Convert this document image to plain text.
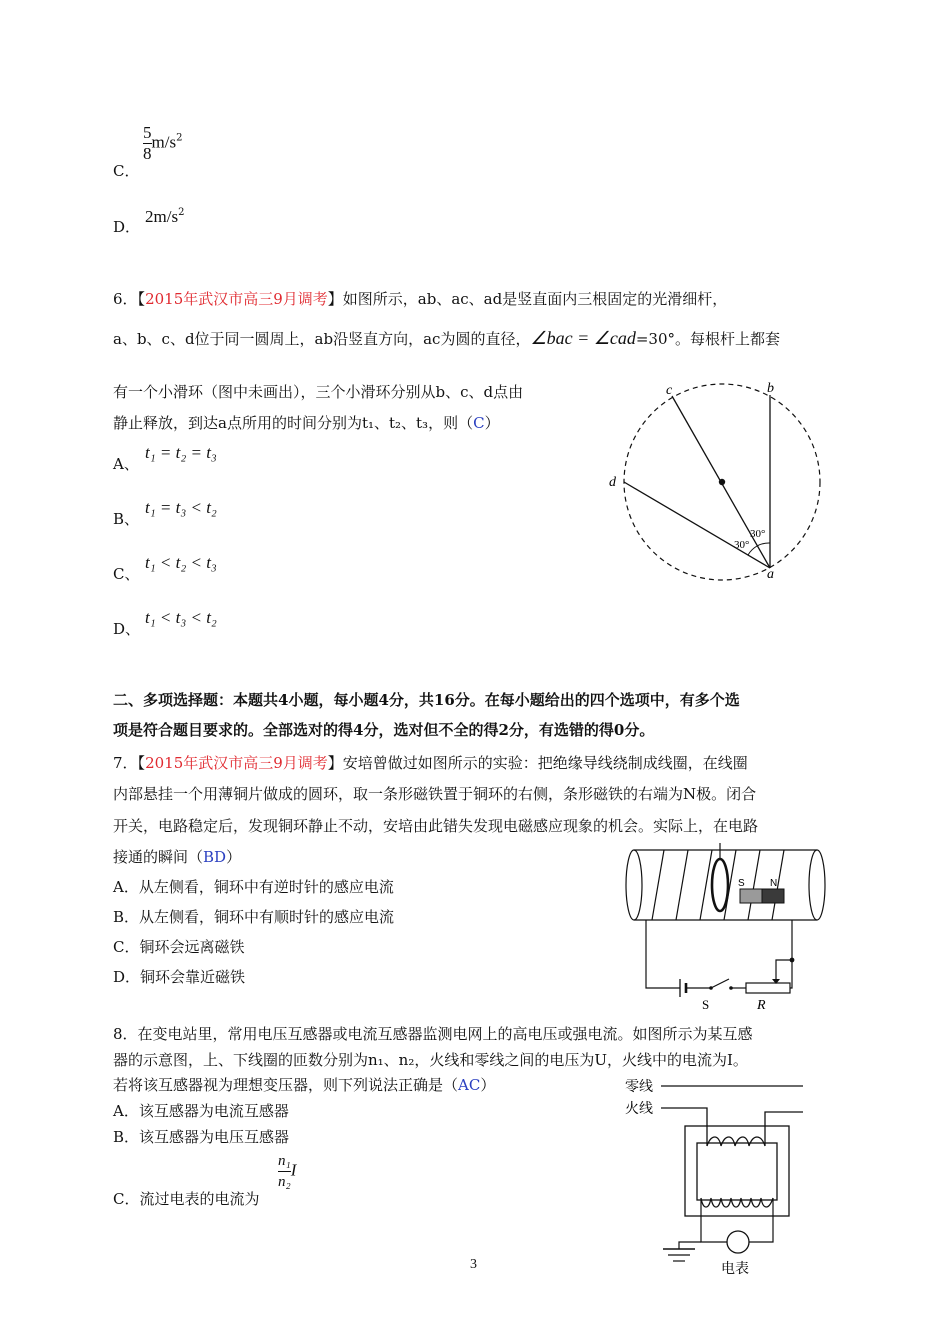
C．
$\frac{5}{8}m/s^2$
D．
$2m/s^2$
6．【2015年武汉市高三9月调考】如图所示，ab、ac、ad是竖直面内三根固定的光滑细杆，
a、b、c、d位于同一圆周上，ab沿竖直方向，ac为圆的直径，∠bac = ∠cad=30°。每根杆上都套
有一个小滑环（图中未画出），三个小滑环分别从b、c、d点由
静止释放，到达a点所用的时间分别为t₁、t₂、t₃，则（C）
A、
t₁ = t₂ = t₃
B、
t₁ = t₃ < t₂
C、
t₁ < t₂ < t₃
D、
t₁ < t₃ < t₂
c	b
d
a
30°
30°
二、多项选择题：本题共4小题，每小题4分，共16分。在每小题给出的四个选项中，有多个选
项是符合题目要求的。全部选对的得4分，选对但不全的得2分，有选错的得0分。
7．【2015年武汉市高三9月调考】安培曾做过如图所示的实验：把绝缘导线绕制成线圈，在线圈
内部悬挂一个用薄铜片做成的圆环，取一条形磁铁置于铜环的右侧，条形磁铁的右端为N极。闭合
开关，电路稳定后，发现铜环静止不动，安培由此错失发现电磁感应现象的机会。实际上，在电路
接通的瞬间（BD）
A．从左侧看，铜环中有逆时针的感应电流
B．从左侧看，铜环中有顺时针的感应电流
C．铜环会远离磁铁
D．铜环会靠近磁铁
S	N
S	R
8．在变电站里，常用电压互感器或电流互感器监测电网上的高电压或强电流。如图所示为某互感
器的示意图，上、下线圈的匝数分别为n₁、n₂，火线和零线之间的电压为U，火线中的电流为I。
若将该互感器视为理想变压器，则下列说法正确是（AC）
A．该互感器为电流互感器
B．该互感器为电压互感器
C．流过电表的电流为
$\frac{\text{n₁}}{\text{n₂}}I$
零线
火线
电表
3
